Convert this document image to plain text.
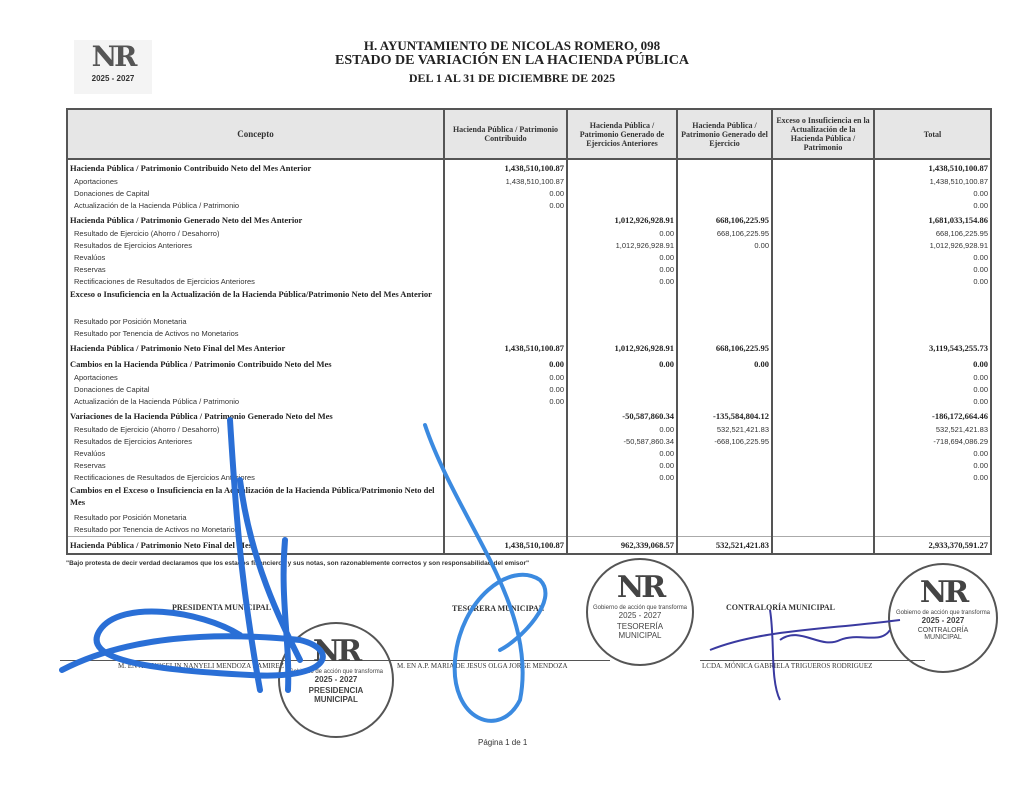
NR
2025 - 2027
H. AYUNTAMIENTO DE NICOLAS ROMERO, 098
ESTADO DE VARIACIÓN EN LA HACIENDA PÚBLICA
DEL 1 AL 31 DE DICIEMBRE DE 2025
Concepto	Hacienda Pública / Patrimonio Contribuido	Hacienda Pública / Patrimonio Generado de Ejercicios Anteriores	Hacienda Pública / Patrimonio Generado del Ejercicio	Exceso o Insuficiencia en la Actualización de la Hacienda Pública / Patrimonio	Total
Hacienda Pública / Patrimonio Contribuido Neto del Mes Anterior	1,438,510,100.87				1,438,510,100.87
Aportaciones	1,438,510,100.87				1,438,510,100.87
Donaciones de Capital	0.00				0.00
Actualización de la Hacienda Pública / Patrimonio	0.00				0.00
Hacienda Pública / Patrimonio Generado Neto del Mes Anterior		1,012,926,928.91	668,106,225.95		1,681,033,154.86
Resultado de Ejercicio (Ahorro / Desahorro)		0.00	668,106,225.95		668,106,225.95
Resultados de Ejercicios Anteriores		1,012,926,928.91	0.00		1,012,926,928.91
Revalúos		0.00			0.00
Reservas		0.00			0.00
Rectificaciones de Resultados de Ejercicios Anteriores		0.00			0.00
Exceso o Insuficiencia en la Actualización de la Hacienda Pública/Patrimonio Neto del Mes Anterior					
Resultado por Posición Monetaria					
Resultado por Tenencia de Activos no Monetarios					
Hacienda Pública / Patrimonio Neto Final del Mes Anterior	1,438,510,100.87	1,012,926,928.91	668,106,225.95		3,119,543,255.73
Cambios en la Hacienda Pública / Patrimonio Contribuido Neto del Mes	0.00	0.00	0.00		0.00
Aportaciones	0.00				0.00
Donaciones de Capital	0.00				0.00
Actualización de la Hacienda Pública / Patrimonio	0.00				0.00
Variaciones de la Hacienda Pública / Patrimonio Generado Neto del Mes		-50,587,860.34	-135,584,804.12		-186,172,664.46
Resultado de Ejercicio (Ahorro / Desahorro)		0.00	532,521,421.83		532,521,421.83
Resultados de Ejercicios Anteriores		-50,587,860.34	-668,106,225.95		-718,694,086.29
Revalúos		0.00			0.00
Reservas		0.00			0.00
Rectificaciones de Resultados de Ejercicios Anteriores		0.00			0.00
Cambios en el Exceso o Insuficiencia en la Actualización de la Hacienda Pública/Patrimonio Neto del Mes					
Resultado por Posición Monetaria					
Resultado por Tenencia de Activos no Monetarios					
Hacienda Pública / Patrimonio Neto Final del Mes	1,438,510,100.87	962,339,068.57	532,521,421.83		2,933,370,591.27
"Bajo protesta de decir verdad declaramos que los estados financieros y sus notas, son razonablemente correctos y son responsabilidad del emisor"
PRESIDENTA MUNICIPAL
M. EN A.P. YOSELIN NANYELI MENDOZA RAMIREZ
TESORERA MUNICIPAL
M. EN A.P. MARIA DE JESUS OLGA JORGE MENDOZA
CONTRALORÍA MUNICIPAL
LCDA. MÓNICA GABRIELA TRIGUEROS RODRIGUEZ
NR
Gobierno de acción que transforma
2025 - 2027
PRESIDENCIA MUNICIPAL
NR
Gobierno de acción que transforma
2025 - 2027
TESORERÍA MUNICIPAL
NR
Gobierno de acción que transforma
2025 - 2027
CONTRALORÍA MUNICIPAL
Página 1 de 1
